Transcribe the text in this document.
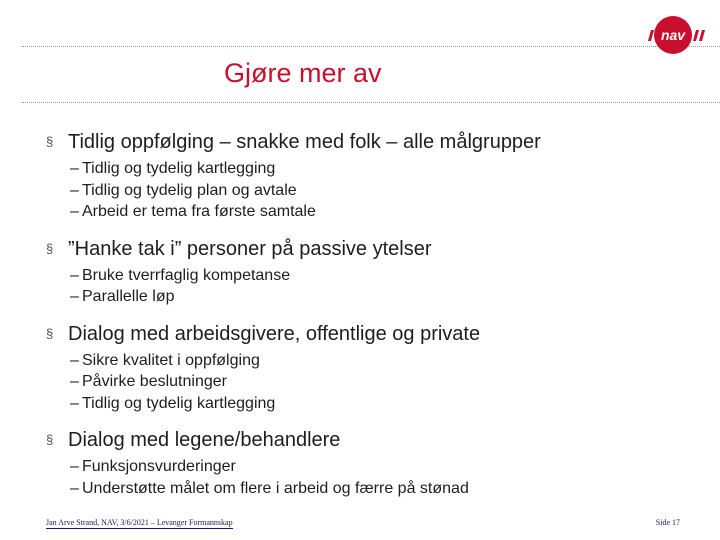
nav
Gjøre mer av
§ Tidlig oppfølging – snakke med folk – alle målgrupper
– Tidlig og tydelig kartlegging
– Tidlig og tydelig plan og avtale
– Arbeid er tema fra første samtale
§ ”Hanke tak i” personer på passive ytelser
– Bruke tverrfaglig kompetanse
– Parallelle løp
§ Dialog med arbeidsgivere, offentlige og private
– Sikre kvalitet i oppfølging
– Påvirke beslutninger
– Tidlig og tydelig kartlegging
§ Dialog med legene/behandlere
– Funksjonsvurderinger
– Understøtte målet om flere i arbeid og færre på stønad
Jan Arve Strand, NAV, 3/6/2021 – Levanger Formannskap	Side 17
